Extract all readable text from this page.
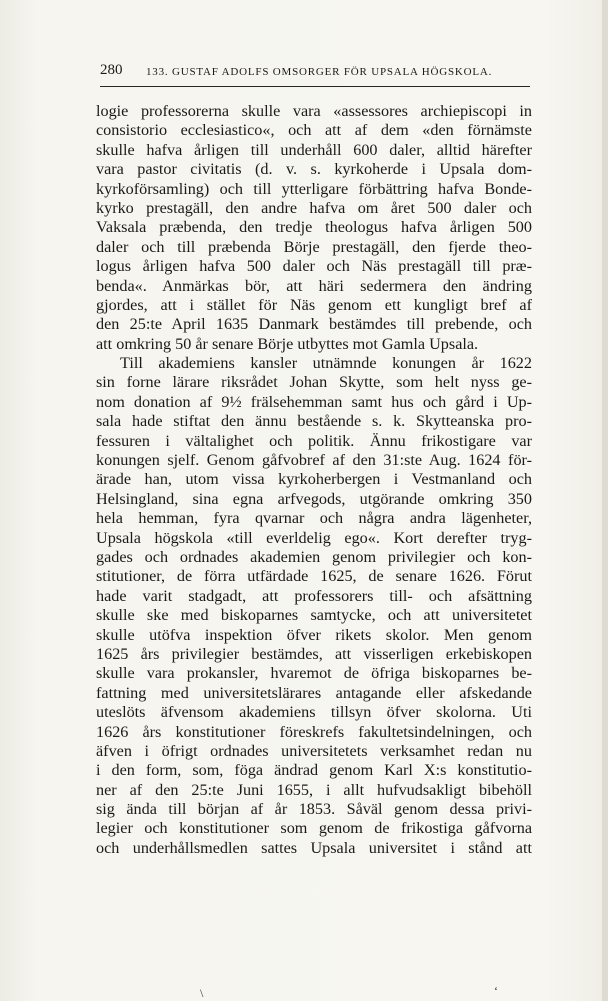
280 133. GUSTAF ADOLFS OMSORGER FÖR UPSALA HÖGSKOLA.
logie professorerna skulle vara «assessores archiepiscopi in
consistorio ecclesiastico«, och att af dem «den förnämste
skulle hafva årligen till underhåll 600 daler, alltid härefter
vara pastor civitatis (d. v. s. kyrkoherde i Upsala dom-
kyrkoförsamling) och till ytterligare förbättring hafva Bonde-
kyrko prestagäll, den andre hafva om året 500 daler och
Vaksala præbenda, den tredje theologus hafva årligen 500
daler och till præbenda Börje prestagäll, den fjerde theo-
logus årligen hafva 500 daler och Näs prestagäll till præ-
benda«. Anmärkas bör, att häri sedermera den ändring
gjordes, att i stället för Näs genom ett kungligt bref af
den 25:te April 1635 Danmark bestämdes till prebende, och
att omkring 50 år senare Börje utbyttes mot Gamla Upsala.
Till akademiens kansler utnämnde konungen år 1622
sin forne lärare riksrådet Johan Skytte, som helt nyss ge-
nom donation af 9½ frälsehemman samt hus och gård i Up-
sala hade stiftat den ännu bestående s. k. Skytteanska pro-
fessuren i vältalighet och politik. Ännu frikostigare var
konungen sjelf. Genom gåfvobref af den 31:ste Aug. 1624 för-
ärade han, utom vissa kyrkoherbergen i Vestmanland och
Helsingland, sina egna arfvegods, utgörande omkring 350
hela hemman, fyra qvarnar och några andra lägenheter,
Upsala högskola «till everldelig ego«. Kort derefter tryg-
gades och ordnades akademien genom privilegier och kon-
stitutioner, de förra utfärdade 1625, de senare 1626. Förut
hade varit stadgadt, att professorers till- och afsättning
skulle ske med biskoparnes samtycke, och att universitetet
skulle utöfva inspektion öfver rikets skolor. Men genom
1625 års privilegier bestämdes, att visserligen erkebiskopen
skulle vara prokansler, hvaremot de öfriga biskoparnes be-
fattning med universitetslärares antagande eller afskedande
uteslöts äfvensom akademiens tillsyn öfver skolorna. Uti
1626 års konstitutioner föreskrefs fakultetsindelningen, och
äfven i öfrigt ordnades universitetets verksamhet redan nu
i den form, som, föga ändrad genom Karl X:s konstitutio-
ner af den 25:te Juni 1655, i allt hufvudsakligt bibehöll
sig ända till början af år 1853. Såväl genom dessa privi-
legier och konstitutioner som genom de frikostiga gåfvorna
och underhållsmedlen sattes Upsala universitet i stånd att
\	‘
